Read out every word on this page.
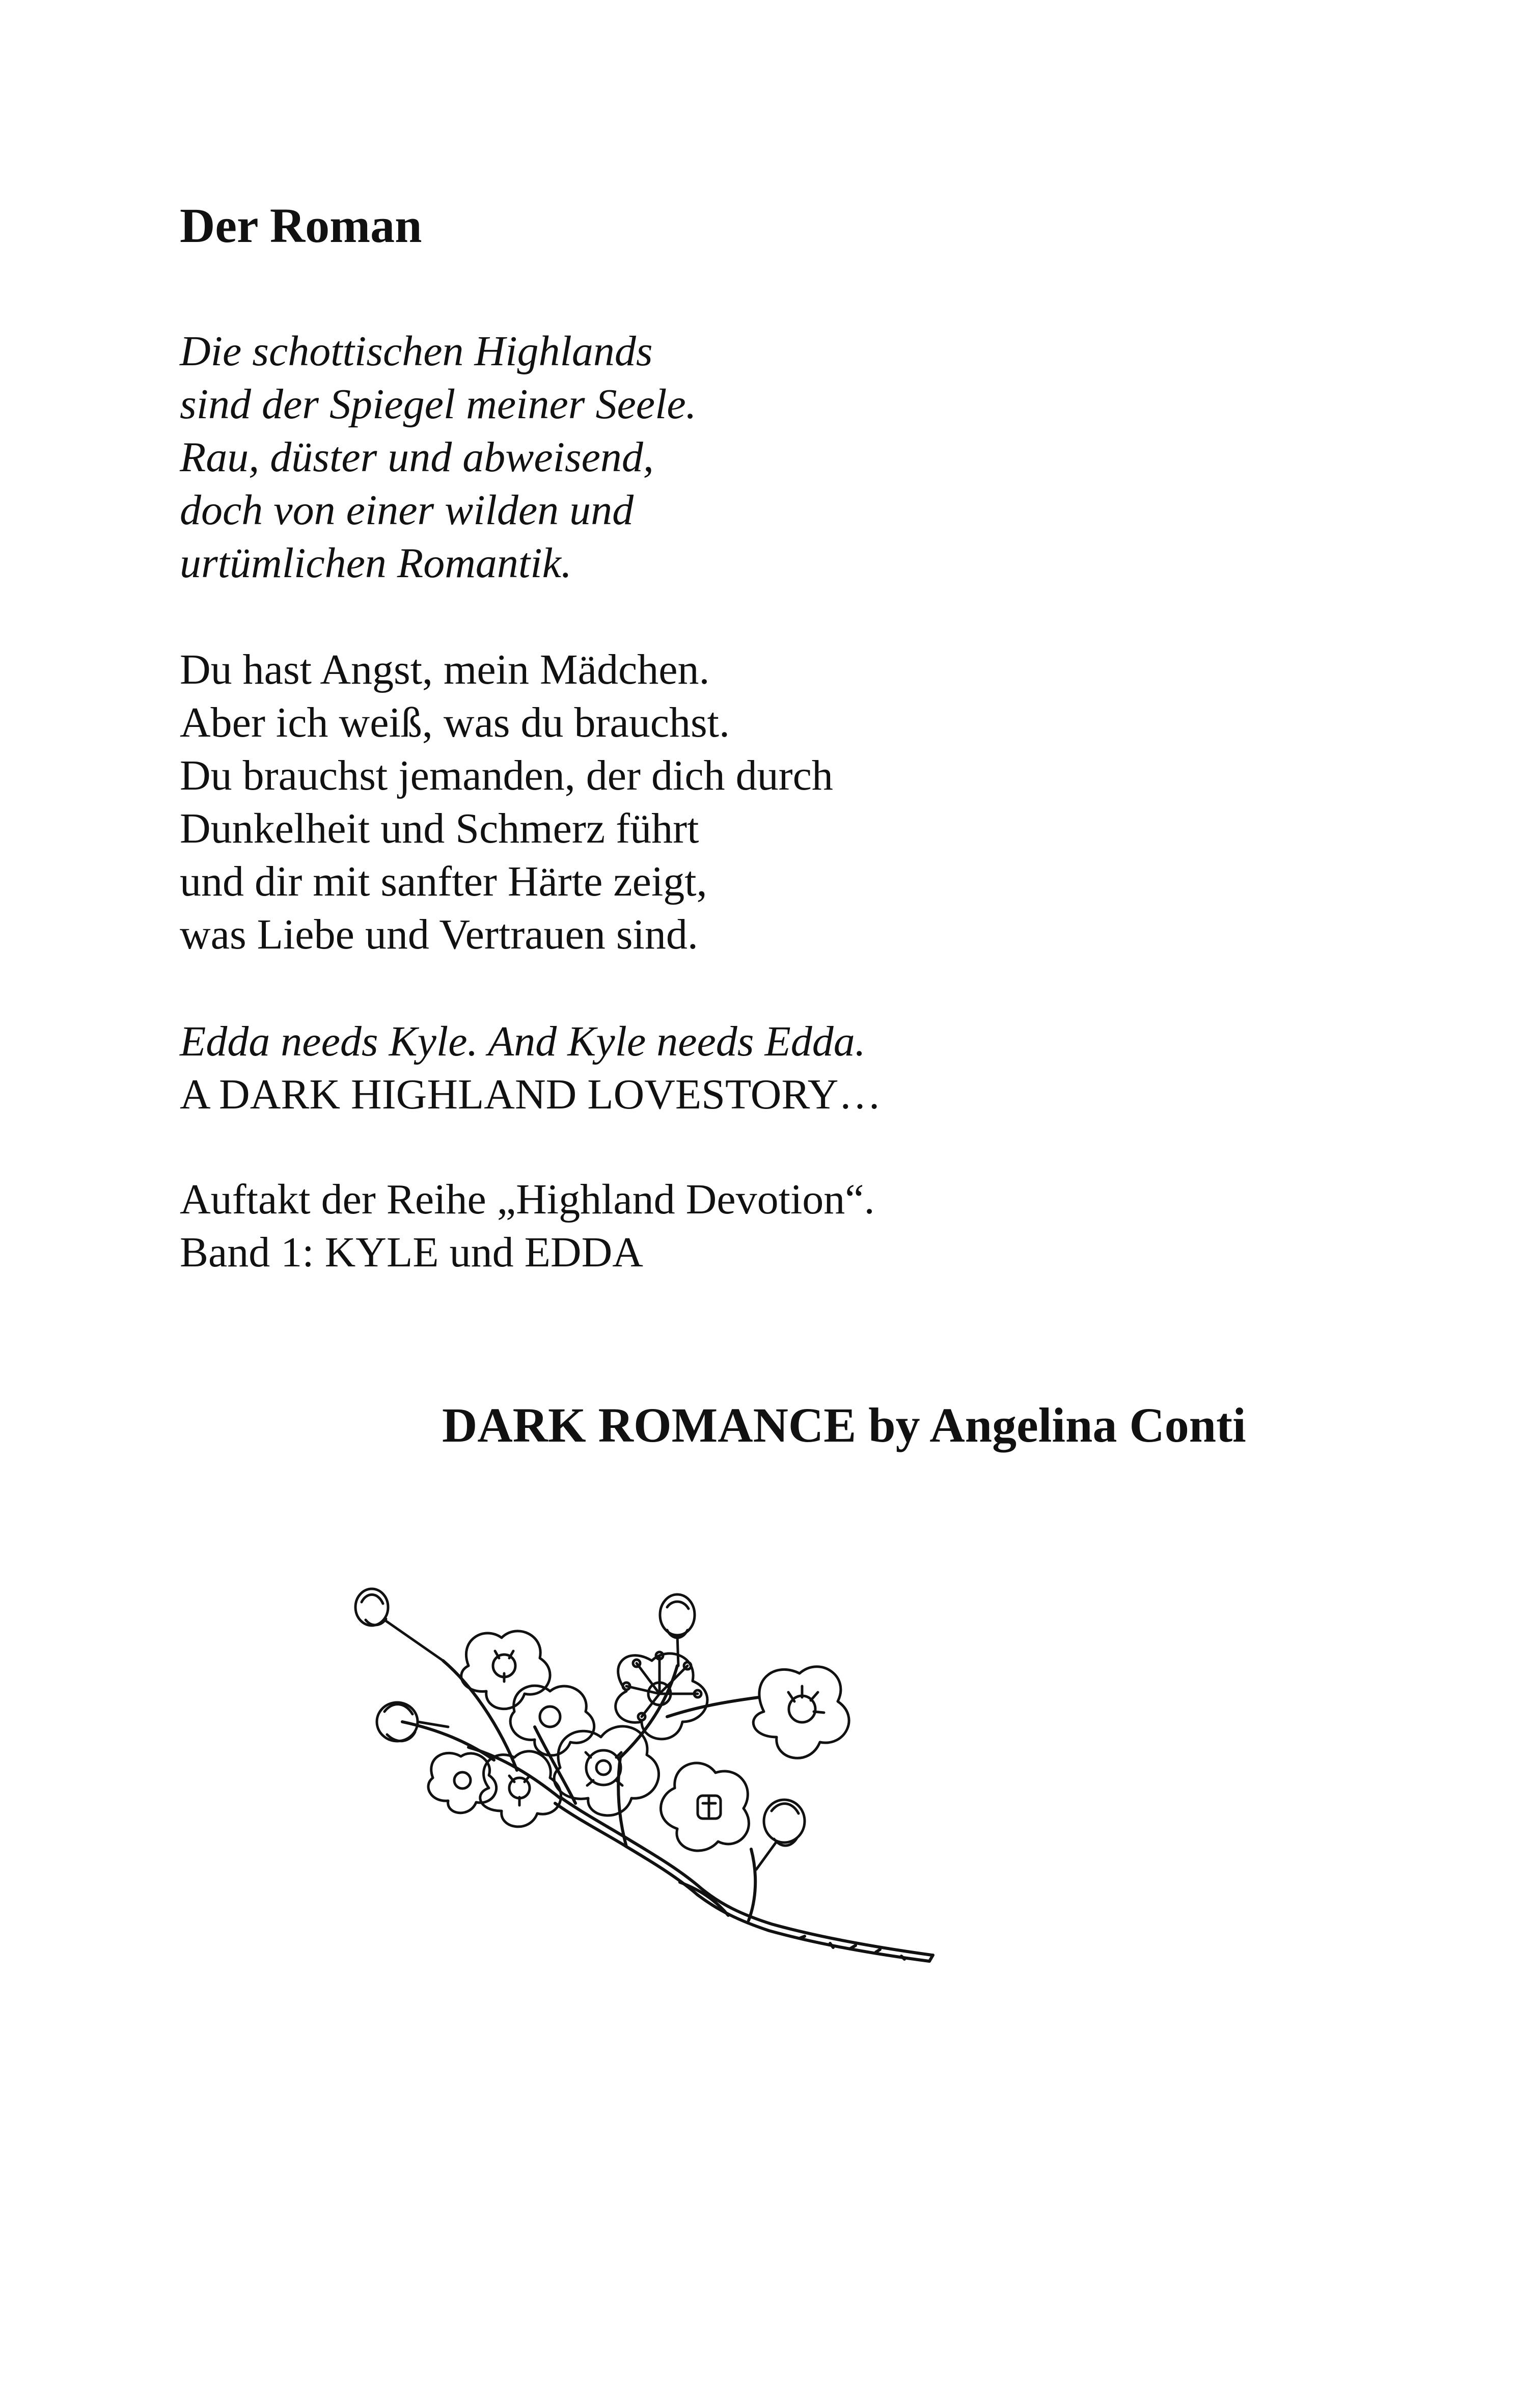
Der Roman
Die schottischen Highlands
sind der Spiegel meiner Seele.
Rau, düster und abweisend,
doch von einer wilden und
urtümlichen Romantik.
Du hast Angst, mein Mädchen.
Aber ich weiß, was du brauchst.
Du brauchst jemanden, der dich durch
Dunkelheit und Schmerz führt
und dir mit sanfter Härte zeigt,
was Liebe und Vertrauen sind.
Edda needs Kyle. And Kyle needs Edda.
A DARK HIGHLAND LOVESTORY…
Auftakt der Reihe „Highland Devotion“.
Band 1: KYLE und EDDA

DARK ROMANCE by Angelina Conti
